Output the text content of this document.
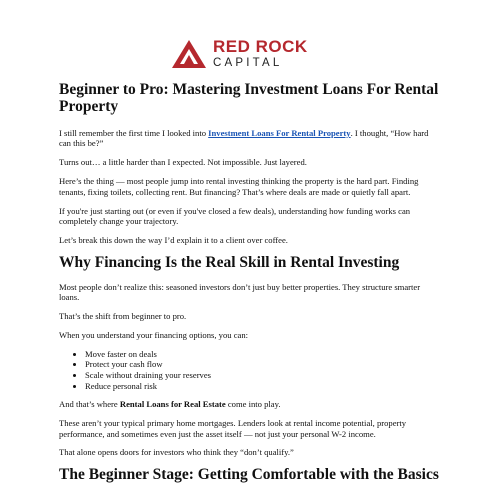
RED ROCK
CAPITAL
Beginner to Pro: Mastering Investment Loans For Rental Property

I still remember the first time I looked into Investment Loans For Rental Property. I thought, “How hard can this be?”

Turns out… a little harder than I expected. Not impossible. Just layered.

Here’s the thing — most people jump into rental investing thinking the property is the hard part. Finding tenants, fixing toilets, collecting rent. But financing? That’s where deals are made or quietly fall apart.

If you're just starting out (or even if you've closed a few deals), understanding how funding works can completely change your trajectory.

Let’s break this down the way I’d explain it to a client over coffee.

Why Financing Is the Real Skill in Rental Investing

Most people don’t realize this: seasoned investors don’t just buy better properties. They structure smarter loans.

That’s the shift from beginner to pro.

When you understand your financing options, you can:

• Move faster on deals
• Protect your cash flow
• Scale without draining your reserves
• Reduce personal risk

And that’s where Rental Loans for Real Estate come into play.

These aren’t your typical primary home mortgages. Lenders look at rental income potential, property performance, and sometimes even just the asset itself — not just your personal W-2 income.

That alone opens doors for investors who think they “don’t qualify.”

The Beginner Stage: Getting Comfortable with the Basics
